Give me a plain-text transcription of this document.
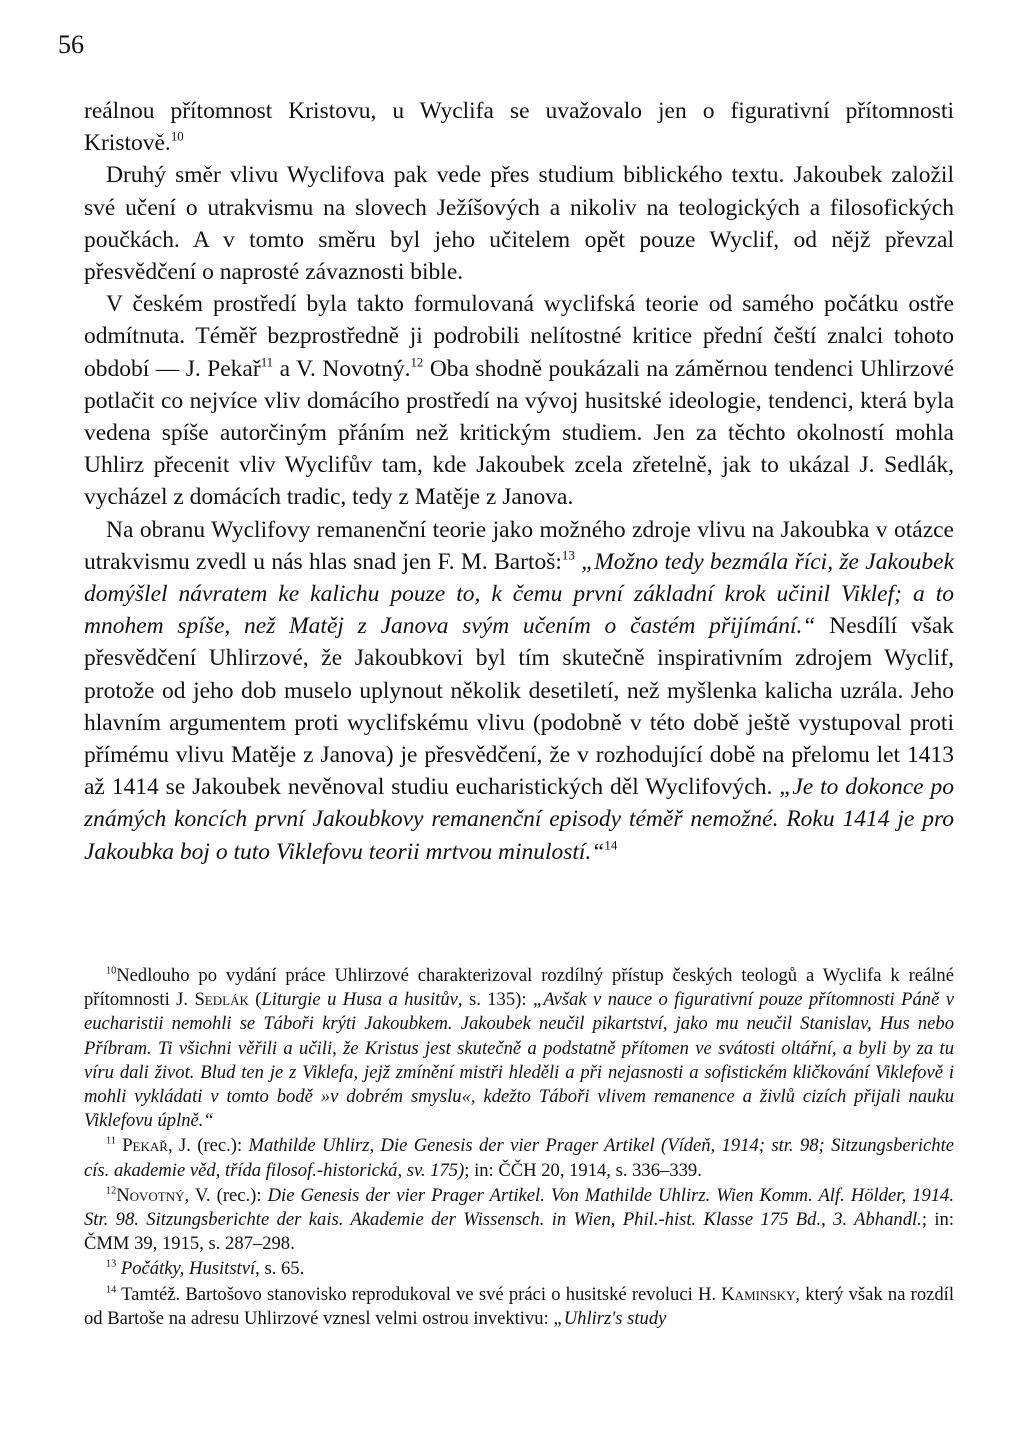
56

reálnou přítomnost Kristovu, u Wyclifa se uvažovalo jen o figurativní přítomnosti Kristově.$^{10}$

Druhý směr vlivu Wyclifova pak vede přes studium biblického textu. Jakoubek založil své učení o utrakvismu na slovech Ježíšových a nikoliv na teologických a filosofických poučkách. A v tomto směru byl jeho učitelem opět pouze Wyclif, od nějž převzal přesvědčení o naprosté závaznosti bible.

V českém prostředí byla takto formulovaná wyclifská teorie od samého počátku ostře odmítnuta. Téměř bezprostředně ji podrobili nelítostné kritice přední čeští znalci tohoto období — J. Pekař$^{11}$ a V. Novotný.$^{12}$ Oba shodně poukázali na záměrnou tendenci Uhlirzové potlačit co nejvíce vliv domácího prostředí na vývoj husitské ideologie, tendenci, která byla vedena spíše autorčiným přáním než kritickým studiem. Jen za těchto okolností mohla Uhlirz přecenit vliv Wyclifův tam, kde Jakoubek zcela zřetelně, jak to ukázal J. Sedlák, vycházel z domácích tradic, tedy z Matěje z Janova.

Na obranu Wyclifovy remanenční teorie jako možného zdroje vlivu na Jakoubka v otázce utrakvismu zvedl u nás hlas snad jen F. M. Bartoš:$^{13}$ „Možno tedy bezmála říci, že Jakoubek domýšlel návratem ke kalichu pouze to, k čemu první základní krok učinil Viklef; a to mnohem spíše, než Matěj z Janova svým učením o častém přijímání.“ Nesdílí však přesvědčení Uhlirzové, že Jakoubkovi byl tím skutečně inspirativním zdrojem Wyclif, protože od jeho dob muselo uplynout několik desetiletí, než myšlenka kalicha uzrála. Jeho hlavním argumentem proti wyclifskému vlivu (podobně v této době ještě vystupoval proti přímému vlivu Matěje z Janova) je přesvědčení, že v rozhodující době na přelomu let 1413 až 1414 se Jakoubek nevěnoval studiu eucharistických děl Wyclifových. „Je to dokonce po známých koncích první Jakoubkovy remanenční episody téměř nemožné. Roku 1414 je pro Jakoubka boj o tuto Viklefovu teorii mrtvou minulostí.“$^{14}$

$^{10}$Nedlouho po vydání práce Uhlirzové charakterizoval rozdílný přístup českých teologů a Wyclifa k reálné přítomnosti J. Sedlák (Liturgie u Husa a husitův, s. 135): „Avšak v nauce o figurativní pouze přítomnosti Páně v eucharistii nemohli se Táboři krýti Jakoubkem. Jakoubek neučil pikartství, jako mu neučil Stanislav, Hus nebo Příbram. Ti všichni věřili a učili, že Kristus jest skutečně a podstatně přítomen ve svátosti oltářní, a byli by za tu víru dali život. Blud ten je z Viklefa, jejž zmínění mistři hleděli a při nejasnosti a sofistickém kličkování Viklefově i mohli vykládati v tomto bodě »v dobrém smyslu«, kdežto Táboři vlivem remanence a živlů cizích přijali nauku Viklefovu úplně.“

$^{11}$ Pekař, J. (rec.): Mathilde Uhlirz, Die Genesis der vier Prager Artikel (Vídeň, 1914; str. 98; Sitzungsberichte cís. akademie věd, třída filosof.-historická, sv. 175); in: ČČH 20, 1914, s. 336–339.

$^{12}$Novotný, V. (rec.): Die Genesis der vier Prager Artikel. Von Mathilde Uhlirz. Wien Komm. Alf. Hölder, 1914. Str. 98. Sitzungsberichte der kais. Akademie der Wissensch. in Wien, Phil.-hist. Klasse 175 Bd., 3. Abhandl.; in: ČMM 39, 1915, s. 287–298.

$^{13}$ Počátky, Husitství, s. 65.

$^{14}$ Tamtéž. Bartošovo stanovisko reprodukoval ve své práci o husitské revoluci H. Kaminsky, který však na rozdíl od Bartoše na adresu Uhlirzové vznesl velmi ostrou invektivu: „Uhlirz's study
